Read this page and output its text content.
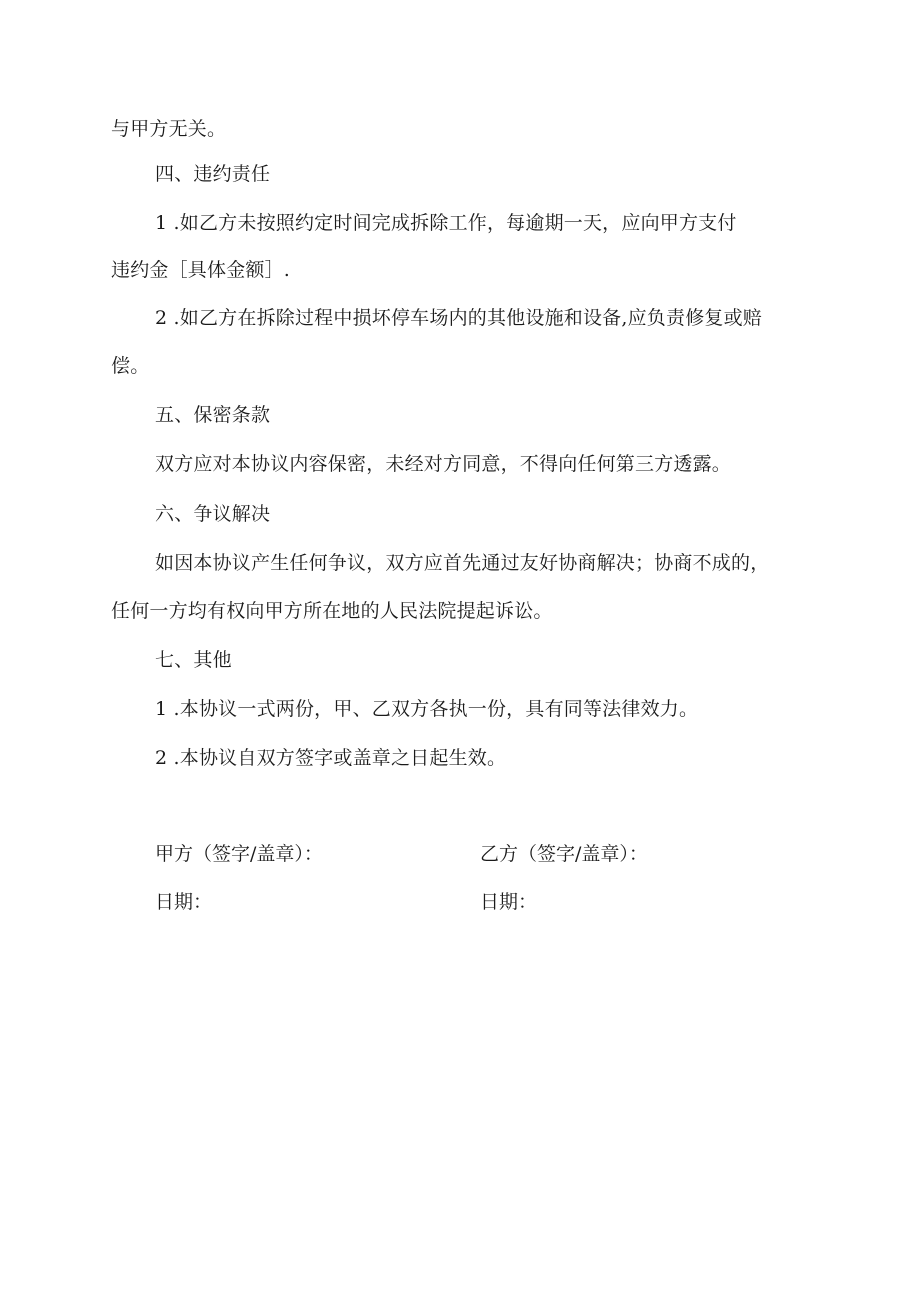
与甲方无关。
四、违约责任
1 .如乙方未按照约定时间完成拆除工作，每逾期一天，应向甲方支付
违约金［具体金额］.
2 .如乙方在拆除过程中损坏停车场内的其他设施和设备,应负责修复或赔
偿。
五、保密条款
双方应对本协议内容保密，未经对方同意，不得向任何第三方透露。
六、争议解决
如因本协议产生任何争议，双方应首先通过友好协商解决；协商不成的，
任何一方均有权向甲方所在地的人民法院提起诉讼。
七、其他
1 .本协议一式两份，甲、乙双方各执一份，具有同等法律效力。
2 .本协议自双方签字或盖章之日起生效。
甲方（签字/盖章）：	乙方（签字/盖章）：
日期：	日期：
